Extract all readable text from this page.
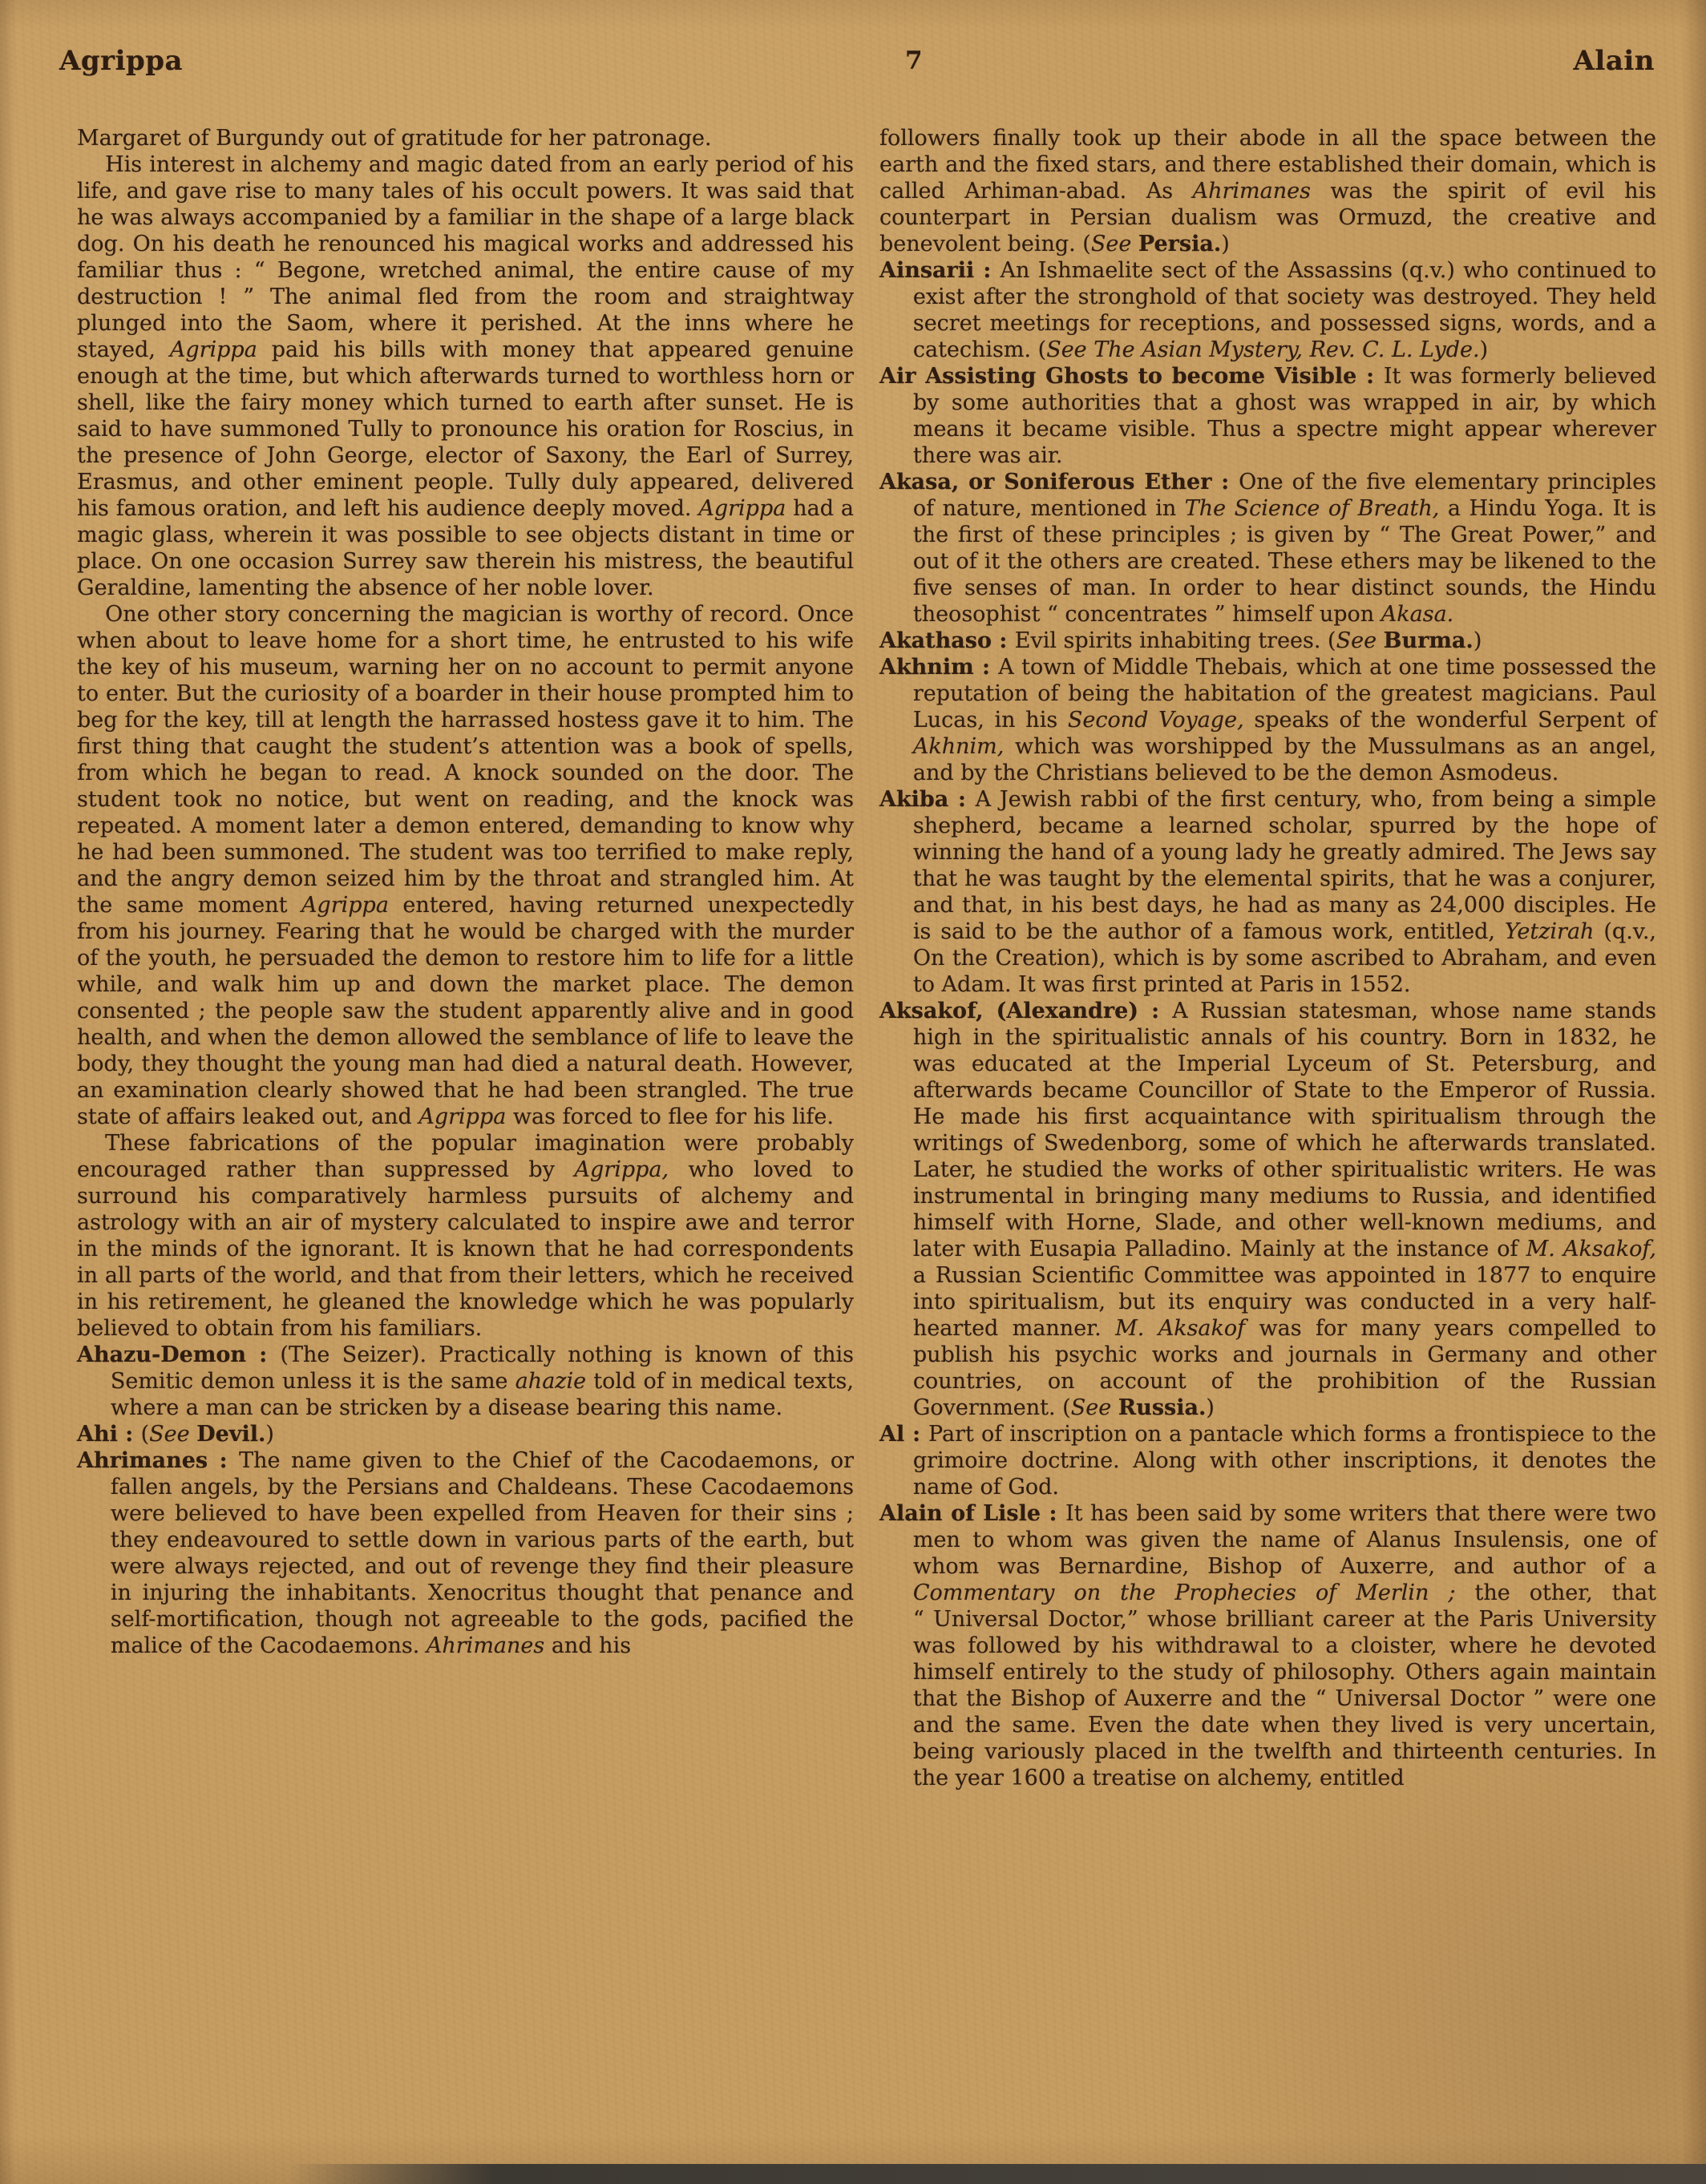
Agrippa	7	Alain

Margaret of Burgundy out of gratitude for her patronage.

His interest in alchemy and magic dated from an early period of his life, and gave rise to many tales of his occult powers. It was said that he was always accompanied by a familiar in the shape of a large black dog. On his death he renounced his magical works and addressed his familiar thus : “ Begone, wretched animal, the entire cause of my destruction ! ” The animal fled from the room and straightway plunged into the Saom, where it perished. At the inns where he stayed, Agrippa paid his bills with money that appeared genuine enough at the time, but which afterwards turned to worthless horn or shell, like the fairy money which turned to earth after sunset. He is said to have summoned Tully to pronounce his oration for Roscius, in the presence of John George, elector of Saxony, the Earl of Surrey, Erasmus, and other eminent people. Tully duly appeared, delivered his famous oration, and left his audience deeply moved. Agrippa had a magic glass, wherein it was possible to see objects distant in time or place. On one occasion Surrey saw therein his mistress, the beautiful Geraldine, lamenting the absence of her noble lover.

One other story concerning the magician is worthy of record. Once when about to leave home for a short time, he entrusted to his wife the key of his museum, warning her on no account to permit anyone to enter. But the curiosity of a boarder in their house prompted him to beg for the key, till at length the harrassed hostess gave it to him. The first thing that caught the student’s attention was a book of spells, from which he began to read. A knock sounded on the door. The student took no notice, but went on reading, and the knock was repeated. A moment later a demon entered, demanding to know why he had been summoned. The student was too terrified to make reply, and the angry demon seized him by the throat and strangled him. At the same moment Agrippa entered, having returned unexpectedly from his journey. Fearing that he would be charged with the murder of the youth, he persuaded the demon to restore him to life for a little while, and walk him up and down the market place. The demon consented ; the people saw the student apparently alive and in good health, and when the demon allowed the semblance of life to leave the body, they thought the young man had died a natural death. However, an examination clearly showed that he had been strangled. The true state of affairs leaked out, and Agrippa was forced to flee for his life.

These fabrications of the popular imagination were probably encouraged rather than suppressed by Agrippa, who loved to surround his comparatively harmless pursuits of alchemy and astrology with an air of mystery calculated to inspire awe and terror in the minds of the ignorant. It is known that he had correspondents in all parts of the world, and that from their letters, which he received in his retirement, he gleaned the knowledge which he was popularly believed to obtain from his familiars.

Ahazu-Demon : (The Seizer). Practically nothing is known of this Semitic demon unless it is the same ahazie told of in medical texts, where a man can be stricken by a disease bearing this name.

Ahi : (See Devil.)

Ahrimanes : The name given to the Chief of the Cacodaemons, or fallen angels, by the Persians and Chaldeans. These Cacodaemons were believed to have been expelled from Heaven for their sins ; they endeavoured to settle down in various parts of the earth, but were always rejected, and out of revenge they find their pleasure in injuring the inhabitants. Xenocritus thought that penance and self-mortification, though not agreeable to the gods, pacified the malice of the Cacodaemons. Ahrimanes and his

followers finally took up their abode in all the space between the earth and the fixed stars, and there established their domain, which is called Arhiman-abad. As Ahrimanes was the spirit of evil his counterpart in Persian dualism was Ormuzd, the creative and benevolent being. (See Persia.)

Ainsarii : An Ishmaelite sect of the Assassins (q.v.) who continued to exist after the stronghold of that society was destroyed. They held secret meetings for receptions, and possessed signs, words, and a catechism. (See The Asian Mystery, Rev. C. L. Lyde.)

Air Assisting Ghosts to become Visible : It was formerly believed by some authorities that a ghost was wrapped in air, by which means it became visible. Thus a spectre might appear wherever there was air.

Akasa, or Soniferous Ether : One of the five elementary principles of nature, mentioned in The Science of Breath, a Hindu Yoga. It is the first of these principles ; is given by “ The Great Power,” and out of it the others are created. These ethers may be likened to the five senses of man. In order to hear distinct sounds, the Hindu theosophist “ concentrates ” himself upon Akasa.

Akathaso : Evil spirits inhabiting trees. (See Burma.)

Akhnim : A town of Middle Thebais, which at one time possessed the reputation of being the habitation of the greatest magicians. Paul Lucas, in his Second Voyage, speaks of the wonderful Serpent of Akhnim, which was worshipped by the Mussulmans as an angel, and by the Christians believed to be the demon Asmodeus.

Akiba : A Jewish rabbi of the first century, who, from being a simple shepherd, became a learned scholar, spurred by the hope of winning the hand of a young lady he greatly admired. The Jews say that he was taught by the elemental spirits, that he was a conjurer, and that, in his best days, he had as many as 24,000 disciples. He is said to be the author of a famous work, entitled, Yetzirah (q.v., On the Creation), which is by some ascribed to Abraham, and even to Adam. It was first printed at Paris in 1552.

Aksakof, (Alexandre) : A Russian statesman, whose name stands high in the spiritualistic annals of his country. Born in 1832, he was educated at the Imperial Lyceum of St. Petersburg, and afterwards became Councillor of State to the Emperor of Russia. He made his first acquaintance with spiritualism through the writings of Swedenborg, some of which he afterwards translated. Later, he studied the works of other spiritualistic writers. He was instrumental in bringing many mediums to Russia, and identified himself with Horne, Slade, and other well-known mediums, and later with Eusapia Palladino. Mainly at the instance of M. Aksakof, a Russian Scientific Committee was appointed in 1877 to enquire into spiritualism, but its enquiry was conducted in a very half-hearted manner. M. Aksakof was for many years compelled to publish his psychic works and journals in Germany and other countries, on account of the prohibition of the Russian Government. (See Russia.)

Al : Part of inscription on a pantacle which forms a frontispiece to the grimoire doctrine. Along with other inscriptions, it denotes the name of God.

Alain of Lisle : It has been said by some writers that there were two men to whom was given the name of Alanus Insulensis, one of whom was Bernardine, Bishop of Auxerre, and author of a Commentary on the Prophecies of Merlin ; the other, that “ Universal Doctor,” whose brilliant career at the Paris University was followed by his withdrawal to a cloister, where he devoted himself entirely to the study of philosophy. Others again maintain that the Bishop of Auxerre and the “ Universal Doctor ” were one and the same. Even the date when they lived is very uncertain, being variously placed in the twelfth and thirteenth centuries. In the year 1600 a treatise on alchemy, entitled
